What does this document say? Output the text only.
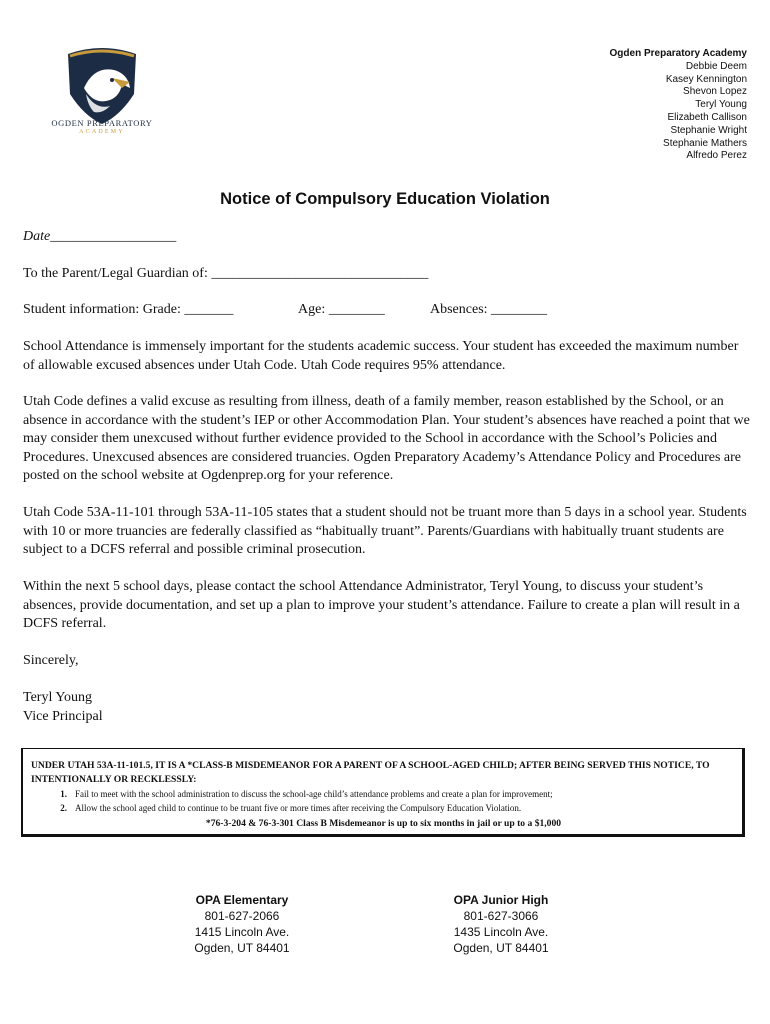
OGDEN PREPARATORY
ACADEMY
Ogden Preparatory Academy
Debbie Deem
Kasey Kennington
Shevon Lopez
Teryl Young
Elizabeth Callison
Stephanie Wright
Stephanie Mathers
Alfredo Perez
Notice of Compulsory Education Violation
Date__________________
To the Parent/Legal Guardian of: _______________________________
Student information: Grade: _______	Age: ________	Absences: ________

School Attendance is immensely important for the students academic success. Your student has exceeded the maximum number of allowable excused absences under Utah Code. Utah Code requires 95% attendance.

Utah Code defines a valid excuse as resulting from illness, death of a family member, reason established by the School, or an absence in accordance with the student’s IEP or other Accommodation Plan. Your student’s absences have reached a point that we may consider them unexcused without further evidence provided to the School in accordance with the School’s Policies and Procedures. Unexcused absences are considered truancies. Ogden Preparatory Academy’s Attendance Policy and Procedures are posted on the school website at Ogdenprep.org for your reference.

Utah Code 53A-11-101 through 53A-11-105 states that a student should not be truant more than 5 days in a school year. Students with 10 or more truancies are federally classified as “habitually truant”. Parents/Guardians with habitually truant students are subject to a DCFS referral and possible criminal prosecution.

Within the next 5 school days, please contact the school Attendance Administrator, Teryl Young, to discuss your student’s absences, provide documentation, and set up a plan to improve your student’s attendance. Failure to create a plan will result in a DCFS referral.

Sincerely,
Teryl Young
Vice Principal
UNDER UTAH 53A-11-101.5, IT IS A *CLASS-B MISDEMEANOR FOR A PARENT OF A SCHOOL-AGED CHILD; AFTER BEING SERVED THIS NOTICE, TO INTENTIONALLY OR RECKLESSLY:
1. Fail to meet with the school administration to discuss the school-age child’s attendance problems and create a plan for improvement;
2. Allow the school aged child to continue to be truant five or more times after receiving the Compulsory Education Violation.
*76-3-204 & 76-3-301 Class B Misdemeanor is up to six months in jail or up to a $1,000
OPA Elementary
801-627-2066
1415 Lincoln Ave.
Ogden, UT 84401
OPA Junior High
801-627-3066
1435 Lincoln Ave.
Ogden, UT 84401
